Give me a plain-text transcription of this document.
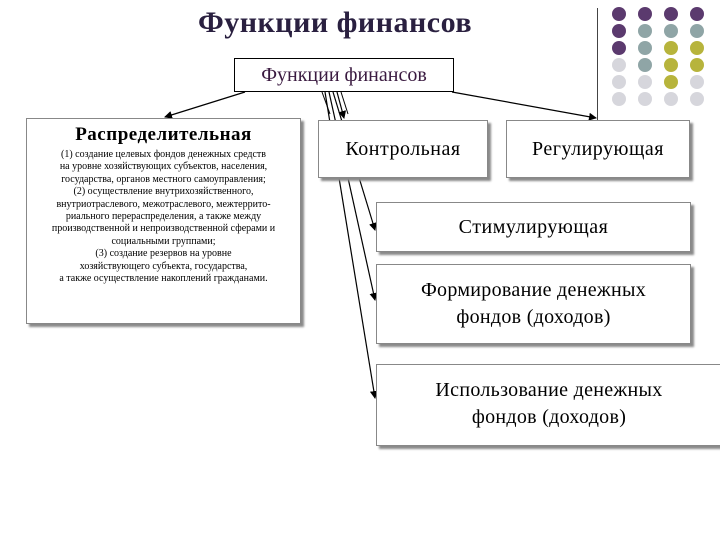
Функции финансов
Функции финансов
Распределительная
(1) создание целевых фондов денежных средств
на уровне хозяйствующих субъектов, населения,
государства, органов местного самоуправления;
(2) осуществление внутрихозяйственного,
внутриотраслевого, межотраслевого, межтеррито-
риального перераспределения, а также между
производственной и непроизводственной сферами и
социальными группами;
(3) создание резервов на уровне
хозяйствующего субъекта, государства,
а также осуществление накоплений гражданами.
Контрольная	Регулирующая
Стимулирующая
Формирование денежных
фондов (доходов)
Использование денежных
фондов (доходов)
